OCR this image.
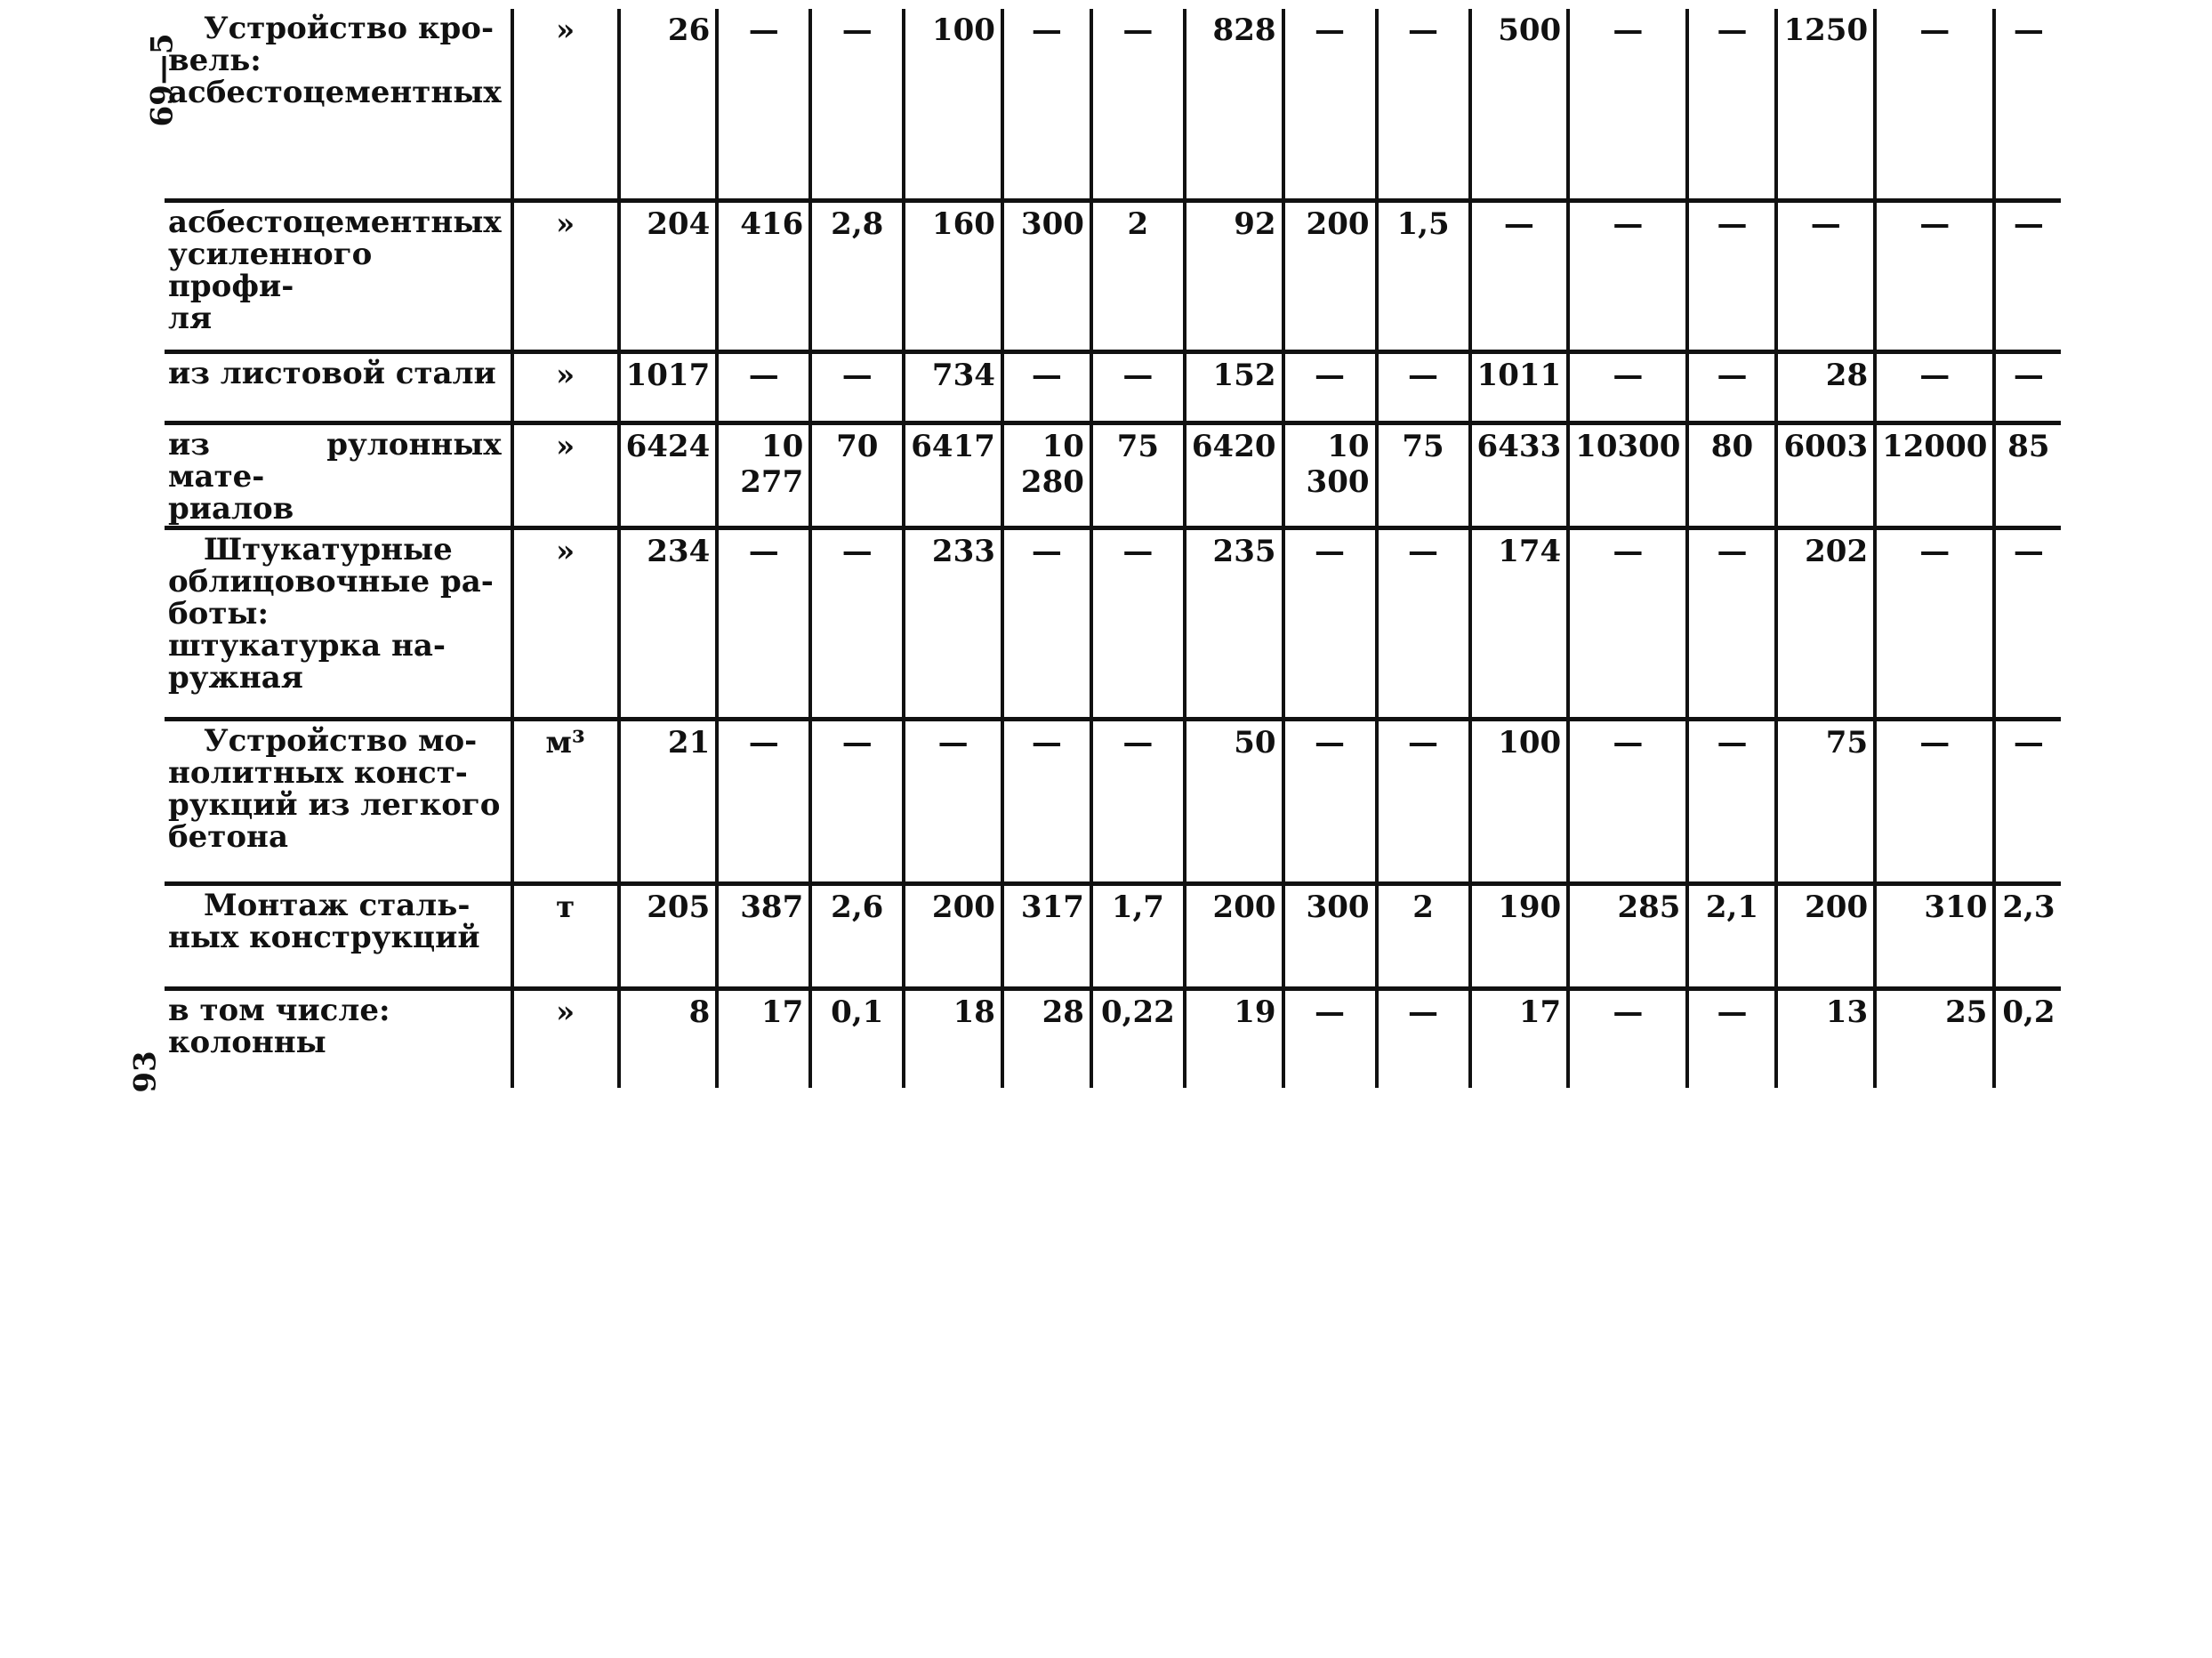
69—5
93
Устройство кро-
вель:
асбестоцементных	»	26	—	—	100	—	—	828	—	—	500	—	—	1250	—	—

асбестоцементных
усиленного профи-
ля	»	204	416	2,8	160	300	2	92	200	1,5	—	—	—	—	—	—

из листовой стали	»	1017	—	—	734	—	—	152	—	—	1011	—	—	28	—	—

из рулонных мате-
риалов	»	6424	10 277	70	6417	10 280	75	6420	10 300	75	6433	10300	80	6003	12000	85

Штукатурные
облицовочные ра-
боты:
штукатурка на-
ружная	»	234	—	—	233	—	—	235	—	—	174	—	—	202	—	—

Устройство мо-
нолитных конст-
рукций из легкого
бетона	м³	21	—	—	—	—	—	50	—	—	100	—	—	75	—	—

Монтаж сталь-
ных конструкций	т	205	387	2,6	200	317	1,7	200	300	2	190	285	2,1	200	310	2,3

в том числе:
колонны	»	8	17	0,1	18	28	0,22	19	—	—	17	—	—	13	25	0,2
